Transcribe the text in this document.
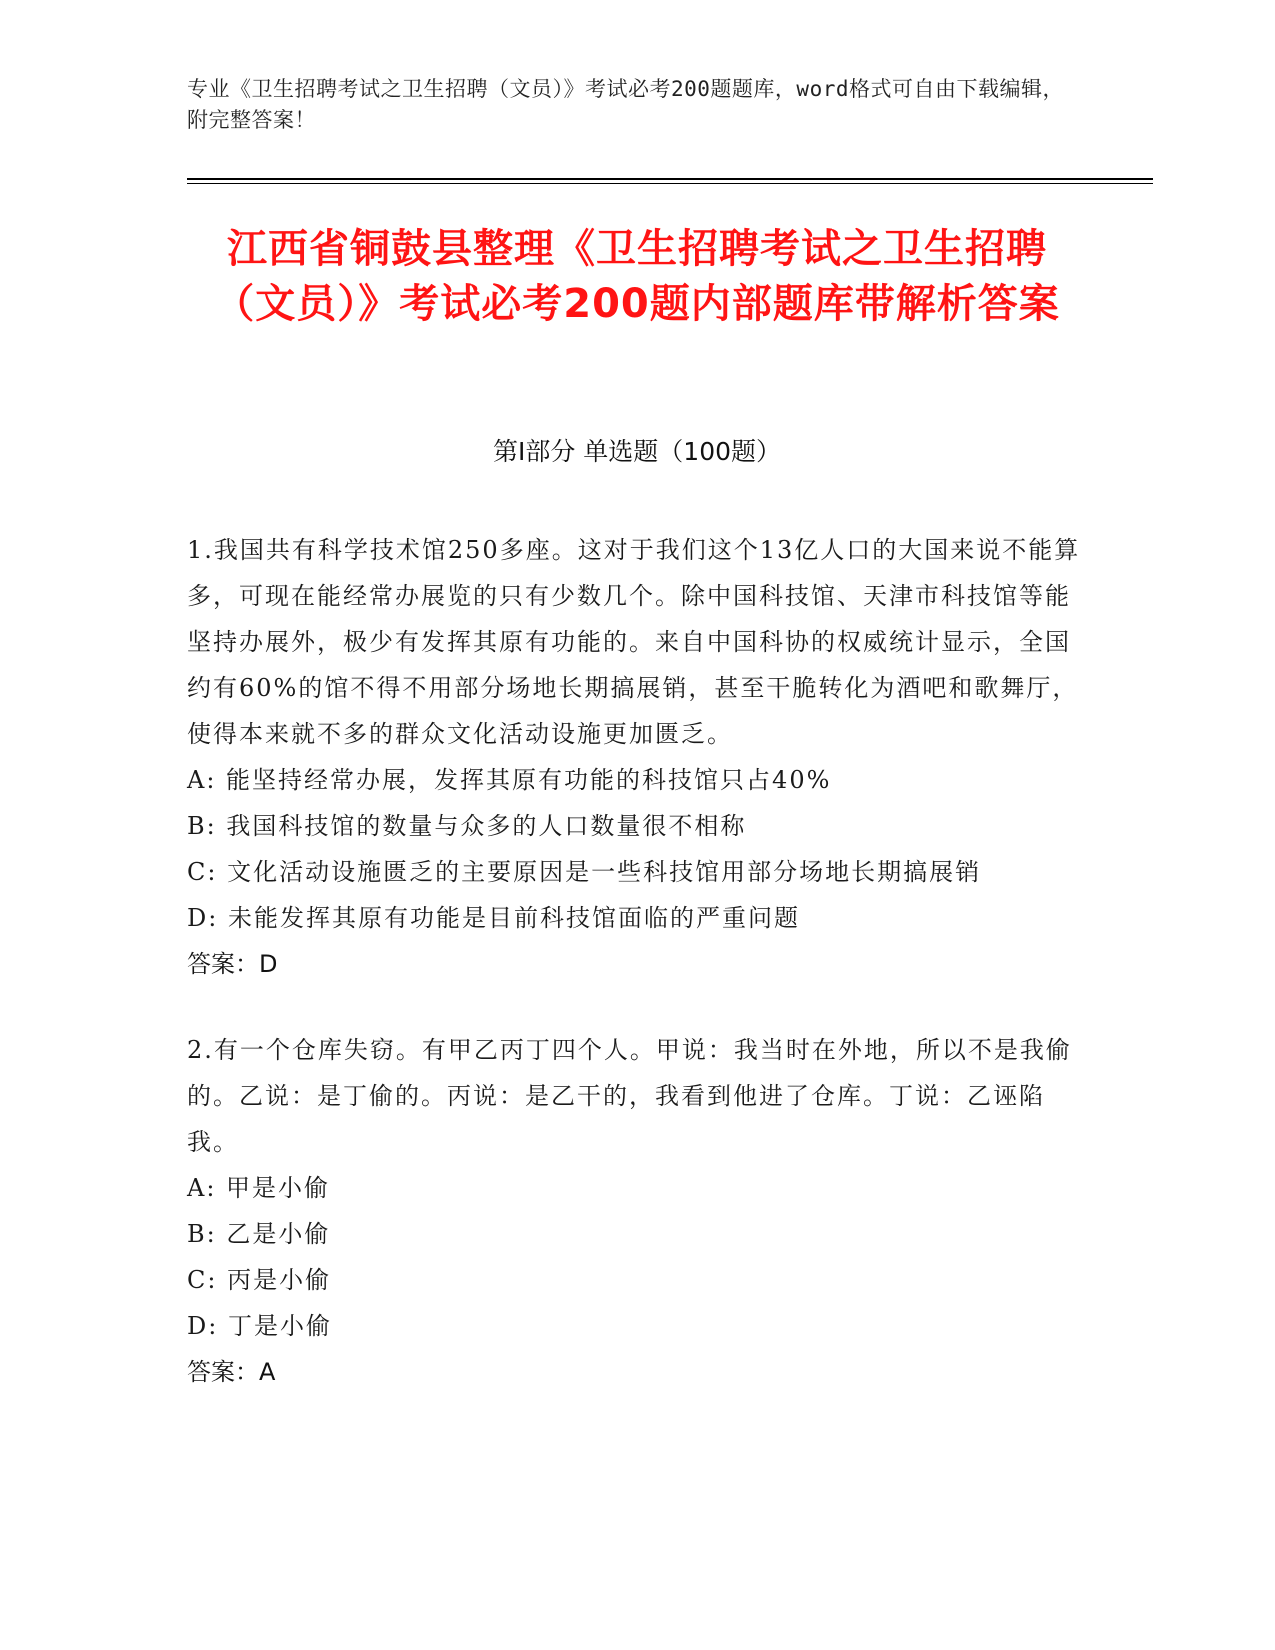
专业《卫生招聘考试之卫生招聘（文员）》考试必考200题题库，word格式可自由下载编辑，附完整答案！
江西省铜鼓县整理《卫生招聘考试之卫生招聘（文员）》考试必考200题内部题库带解析答案
第Ⅰ部分 单选题（100题）

1.我国共有科学技术馆250多座。这对于我们这个13亿人口的大国来说不能算多，可现在能经常办展览的只有少数几个。除中国科技馆、天津市科技馆等能坚持办展外，极少有发挥其原有功能的。来自中国科协的权威统计显示，全国约有60%的馆不得不用部分场地长期搞展销，甚至干脆转化为酒吧和歌舞厅，使得本来就不多的群众文化活动设施更加匮乏。

A: 能坚持经常办展，发挥其原有功能的科技馆只占40%
B: 我国科技馆的数量与众多的人口数量很不相称
C: 文化活动设施匮乏的主要原因是一些科技馆用部分场地长期搞展销
D: 未能发挥其原有功能是目前科技馆面临的严重问题
答案：D

2.有一个仓库失窃。有甲乙丙丁四个人。甲说：我当时在外地，所以不是我偷的。乙说：是丁偷的。丙说：是乙干的，我看到他进了仓库。丁说：乙诬陷我。

A: 甲是小偷
B: 乙是小偷
C: 丙是小偷
D: 丁是小偷
答案：A
